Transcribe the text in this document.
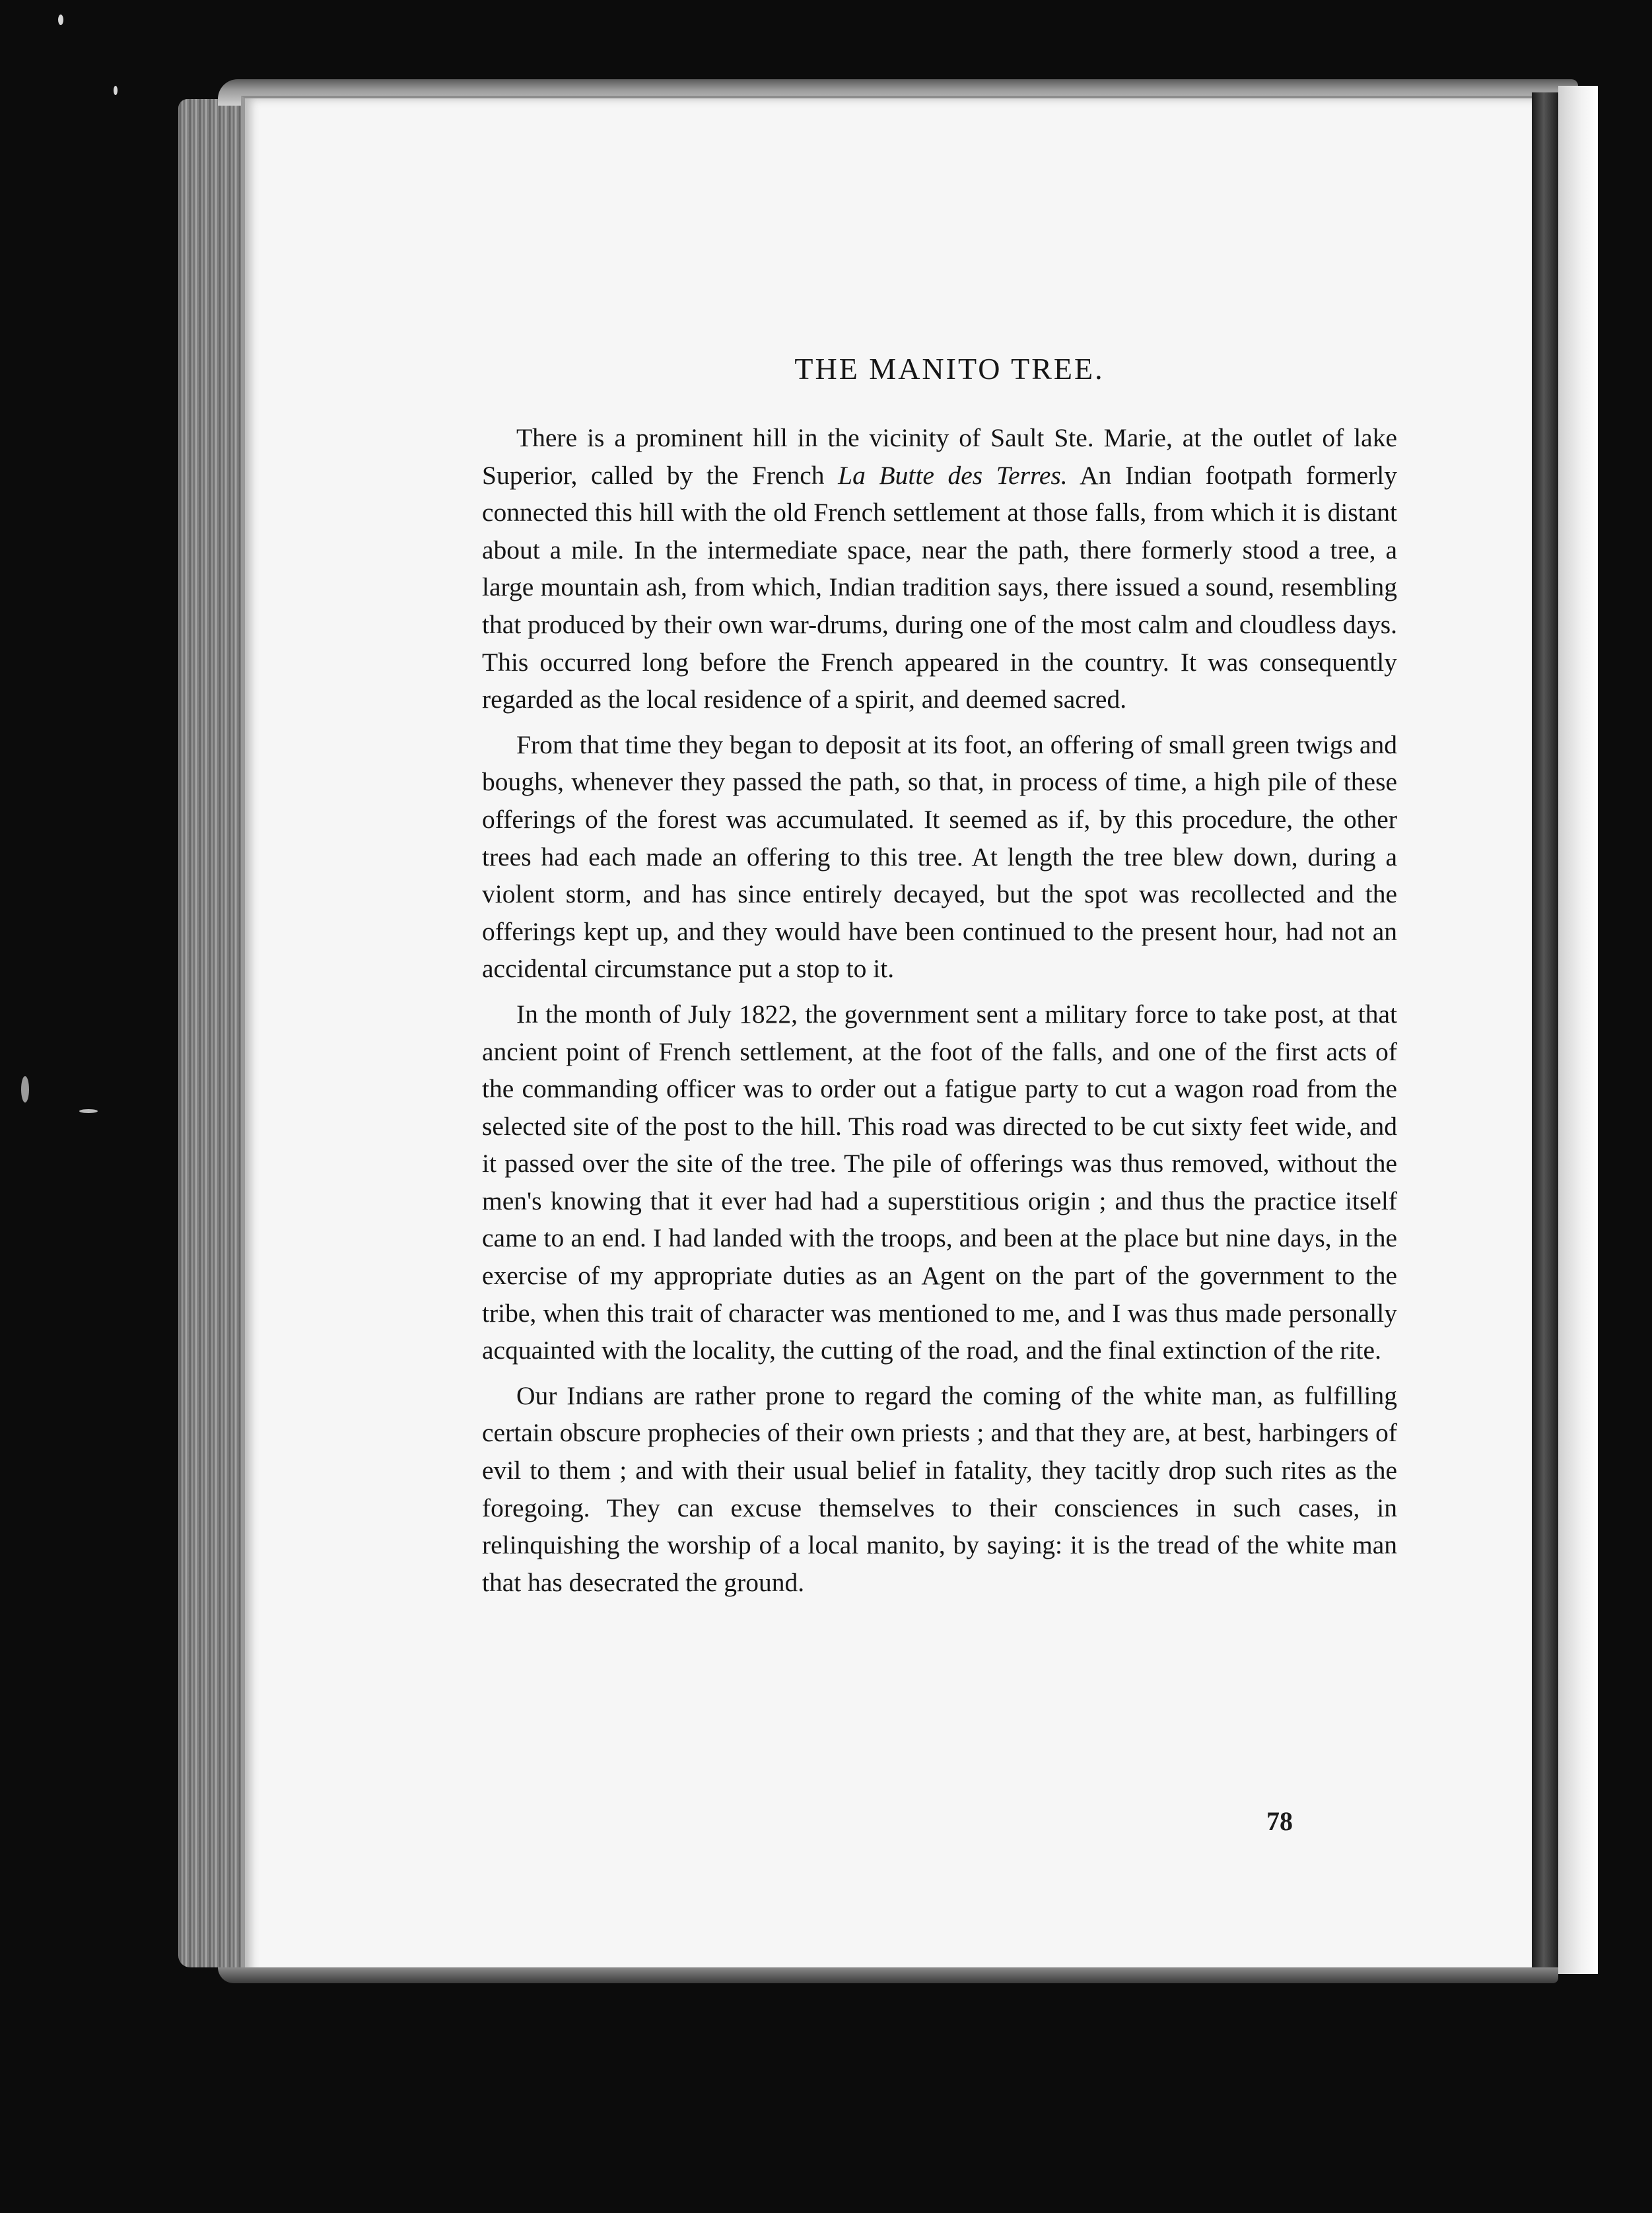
THE MANITO TREE.

There is a prominent hill in the vicinity of Sault Ste. Marie, at the outlet of lake Superior, called by the French La Butte des Terres. An Indian footpath formerly connected this hill with the old French settlement at those falls, from which it is distant about a mile. In the intermediate space, near the path, there formerly stood a tree, a large mountain ash, from which, Indian tradition says, there issued a sound, resembling that produced by their own war-drums, during one of the most calm and cloudless days. This occurred long before the French appeared in the country. It was consequently regarded as the local residence of a spirit, and deemed sacred.

From that time they began to deposit at its foot, an offering of small green twigs and boughs, whenever they passed the path, so that, in process of time, a high pile of these offerings of the forest was accumulated. It seemed as if, by this procedure, the other trees had each made an offering to this tree. At length the tree blew down, during a violent storm, and has since entirely decayed, but the spot was recollected and the offerings kept up, and they would have been continued to the present hour, had not an accidental circumstance put a stop to it.

In the month of July 1822, the government sent a military force to take post, at that ancient point of French settlement, at the foot of the falls, and one of the first acts of the commanding officer was to order out a fatigue party to cut a wagon road from the selected site of the post to the hill. This road was directed to be cut sixty feet wide, and it passed over the site of the tree. The pile of offerings was thus removed, without the men's knowing that it ever had had a superstitious origin ; and thus the practice itself came to an end. I had landed with the troops, and been at the place but nine days, in the exercise of my appropriate duties as an Agent on the part of the government to the tribe, when this trait of character was mentioned to me, and I was thus made personally acquainted with the locality, the cutting of the road, and the final extinction of the rite.

Our Indians are rather prone to regard the coming of the white man, as fulfilling certain obscure prophecies of their own priests ; and that they are, at best, harbingers of evil to them ; and with their usual belief in fatality, they tacitly drop such rites as the foregoing. They can excuse themselves to their consciences in such cases, in relinquishing the worship of a local manito, by saying: it is the tread of the white man that has desecrated the ground.

78
